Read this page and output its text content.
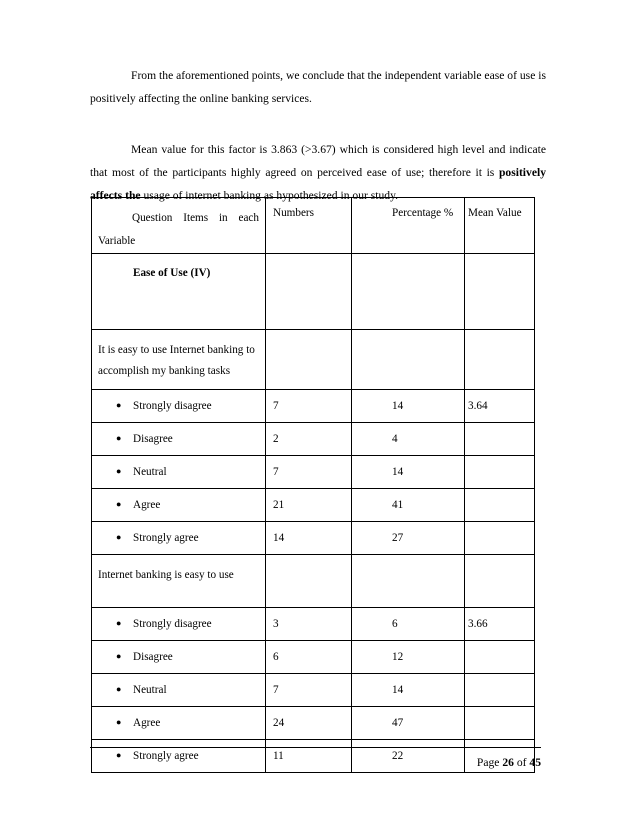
From the aforementioned points, we conclude that the independent variable ease of use is positively affecting the online banking services.

Mean value for this factor is 3.863 (>3.67) which is considered high level and indicate that most of the participants highly agreed on perceived ease of use; therefore it is positively affects the usage of internet banking as hypothesized in our study.

Question Items in each Variable	Numbers	Percentage %	Mean Value
Ease of Use (IV)			
It is easy to use Internet banking to accomplish my banking tasks			
● Strongly disagree	7	14	3.64
● Disagree	2	4	
● Neutral	7	14	
● Agree	21	41	
● Strongly agree	14	27	
Internet banking is easy to use			
● Strongly disagree	3	6	3.66
● Disagree	6	12	
● Neutral	7	14	
● Agree	24	47	
● Strongly agree	11	22		Page 26 of 45
